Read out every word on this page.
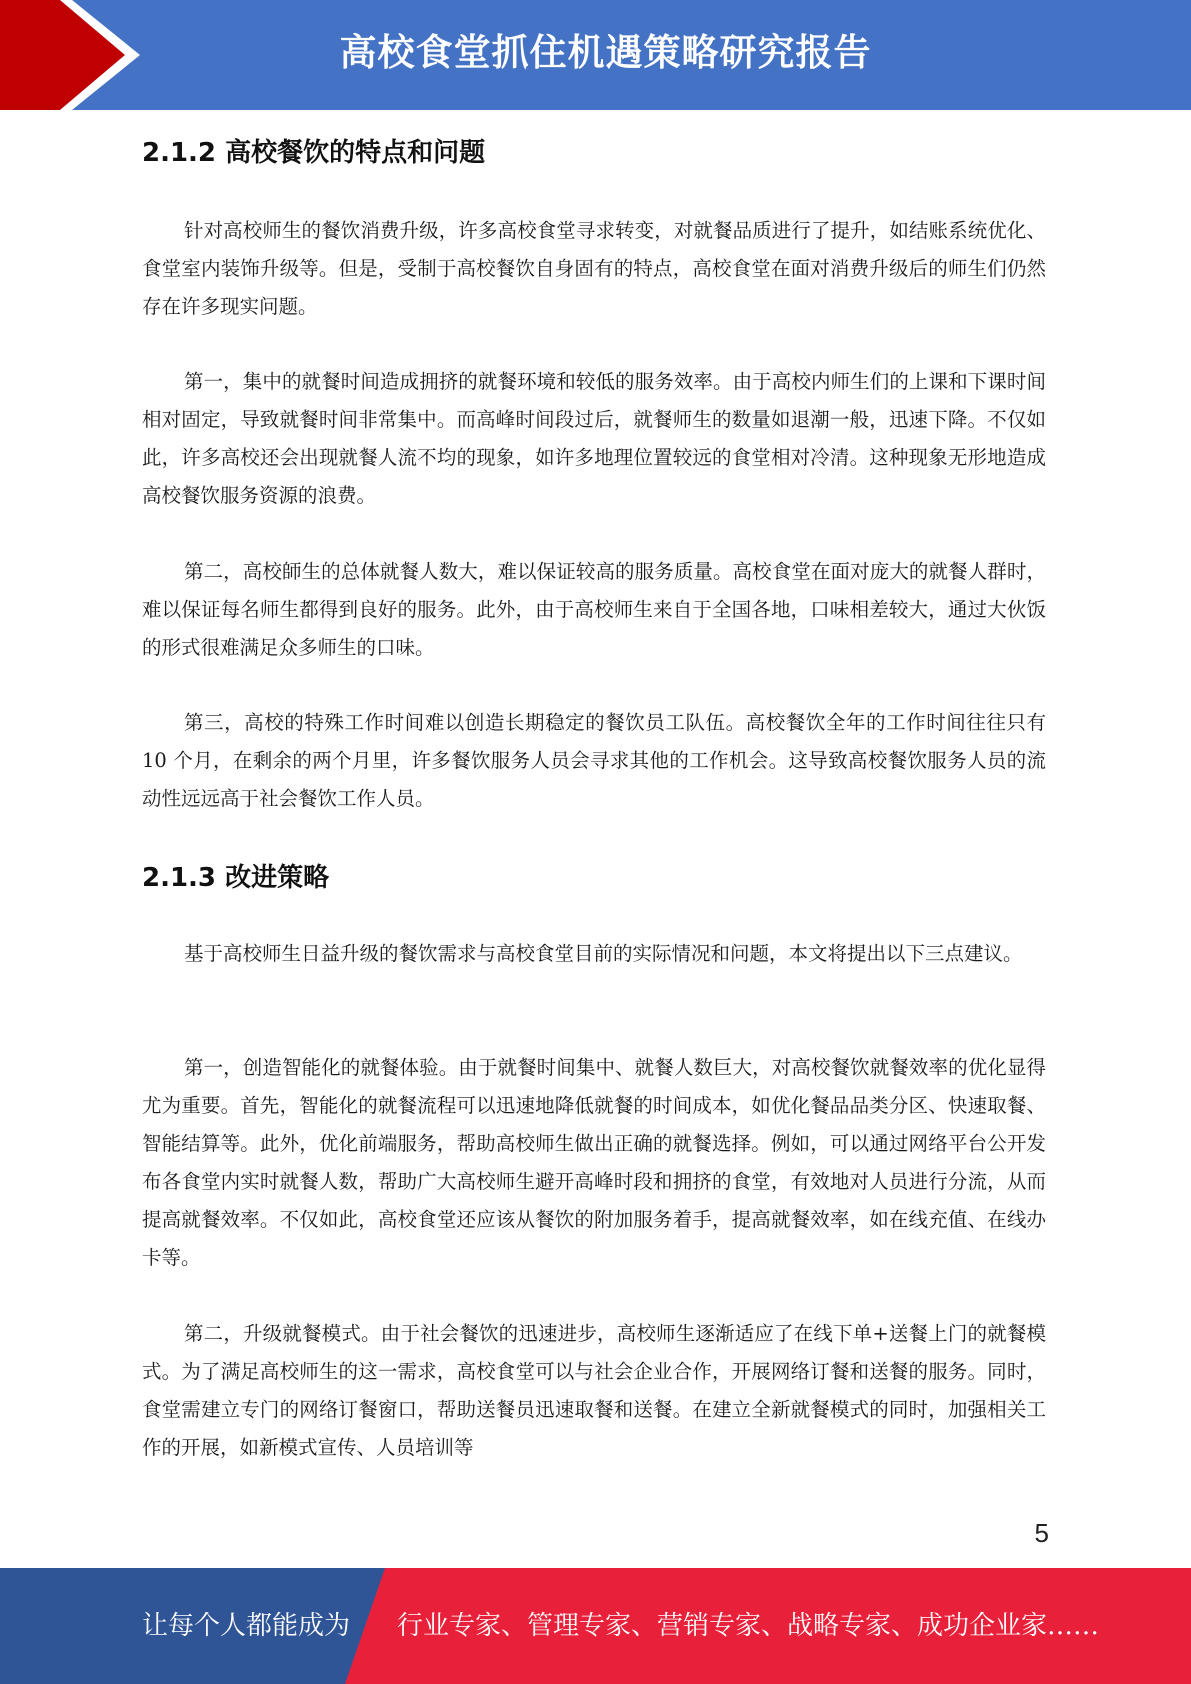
高校食堂抓住机遇策略研究报告
2.1.2 高校餐饮的特点和问题

针对高校师生的餐饮消费升级，许多高校食堂寻求转变，对就餐品质进行了提升，如结账系统优化、食堂室内装饰升级等。但是，受制于高校餐饮自身固有的特点，高校食堂在面对消费升级后的师生们仍然存在许多现实问题。

第一，集中的就餐时间造成拥挤的就餐环境和较低的服务效率。由于高校内师生们的上课和下课时间相对固定，导致就餐时间非常集中。而高峰时间段过后，就餐师生的数量如退潮一般，迅速下降。不仅如此，许多高校还会出现就餐人流不均的现象，如许多地理位置较远的食堂相对冷清。这种现象无形地造成高校餐饮服务资源的浪费。

第二，高校師生的总体就餐人数大，难以保证较高的服务质量。高校食堂在面对庞大的就餐人群时，难以保证每名师生都得到良好的服务。此外，由于高校师生来自于全国各地，口味相差较大，通过大伙饭的形式很难满足众多师生的口味。

第三，高校的特殊工作时间难以创造长期稳定的餐饮员工队伍。高校餐饮全年的工作时间往往只有 10 个月，在剩余的两个月里，许多餐饮服务人员会寻求其他的工作机会。这导致高校餐饮服务人员的流动性远远高于社会餐饮工作人员。

2.1.3 改进策略

基于高校师生日益升级的餐饮需求与高校食堂目前的实际情况和问题，本文将提出以下三点建议。

第一，创造智能化的就餐体验。由于就餐时间集中、就餐人数巨大，对高校餐饮就餐效率的优化显得尤为重要。首先，智能化的就餐流程可以迅速地降低就餐的时间成本，如优化餐品品类分区、快速取餐、智能结算等。此外，优化前端服务，帮助高校师生做出正确的就餐选择。例如，可以通过网络平台公开发布各食堂内实时就餐人数，帮助广大高校师生避开高峰时段和拥挤的食堂，有效地对人员进行分流，从而提高就餐效率。不仅如此，高校食堂还应该从餐饮的附加服务着手，提高就餐效率，如在线充值、在线办卡等。

第二，升级就餐模式。由于社会餐饮的迅速进步，高校师生逐渐适应了在线下单+送餐上门的就餐模式。为了满足高校师生的这一需求，高校食堂可以与社会企业合作，开展网络订餐和送餐的服务。同时，食堂需建立专门的网络订餐窗口，帮助送餐员迅速取餐和送餐。在建立全新就餐模式的同时，加强相关工作的开展，如新模式宣传、人员培训等

5
让每个人都能成为 行业专家、管理专家、营销专家、战略专家、成功企业家……
